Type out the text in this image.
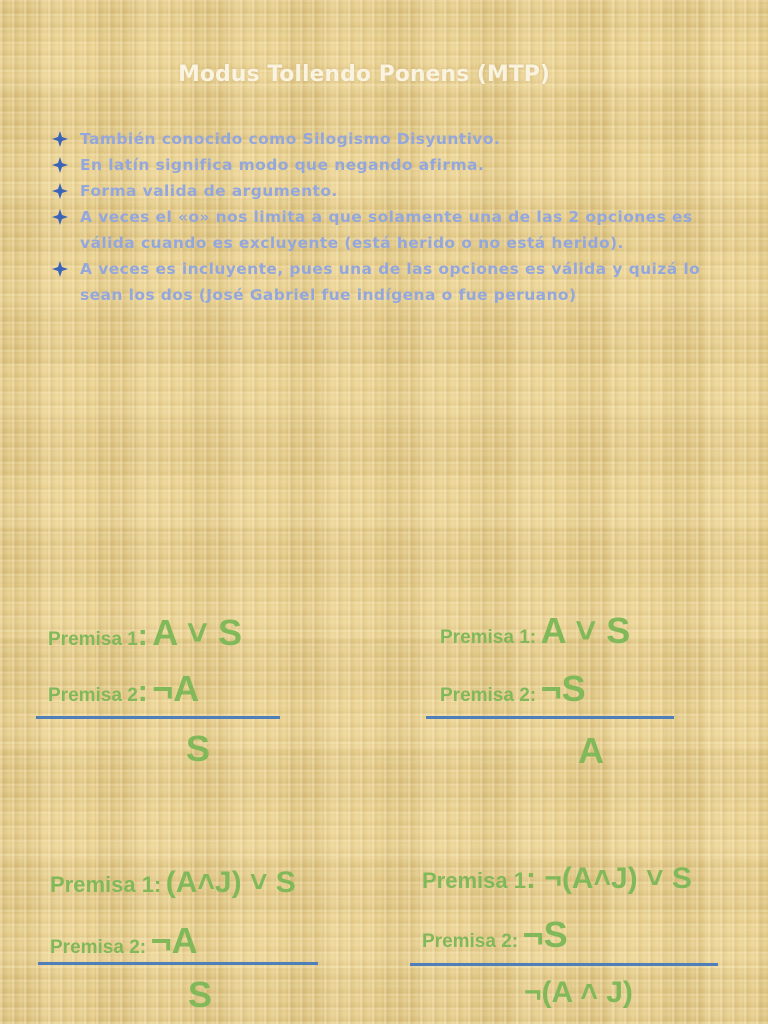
Modus Tollendo Ponens (MTP)
También conocido como Silogismo Disyuntivo.
En latín significa modo que negando afirma.
Forma valida de argumento.
A veces el «o» nos limita a que solamente una de las 2 opciones es válida cuando es excluyente (está herido o no está herido).
A veces es incluyente, pues una de las opciones es válida y quizá lo sean los dos (José Gabriel fue indígena o fue peruano)
Premisa 1: A ˅ S
Premisa 2: ¬A
S
Premisa 1: A ˅ S
Premisa 2: ¬S
A
Premisa 1: (A˄J) ˅ S
Premisa 2: ¬A
S
Premisa 1: ¬(A˄J) ˅ S
Premisa 2: ¬S
¬(A ˄ J)
